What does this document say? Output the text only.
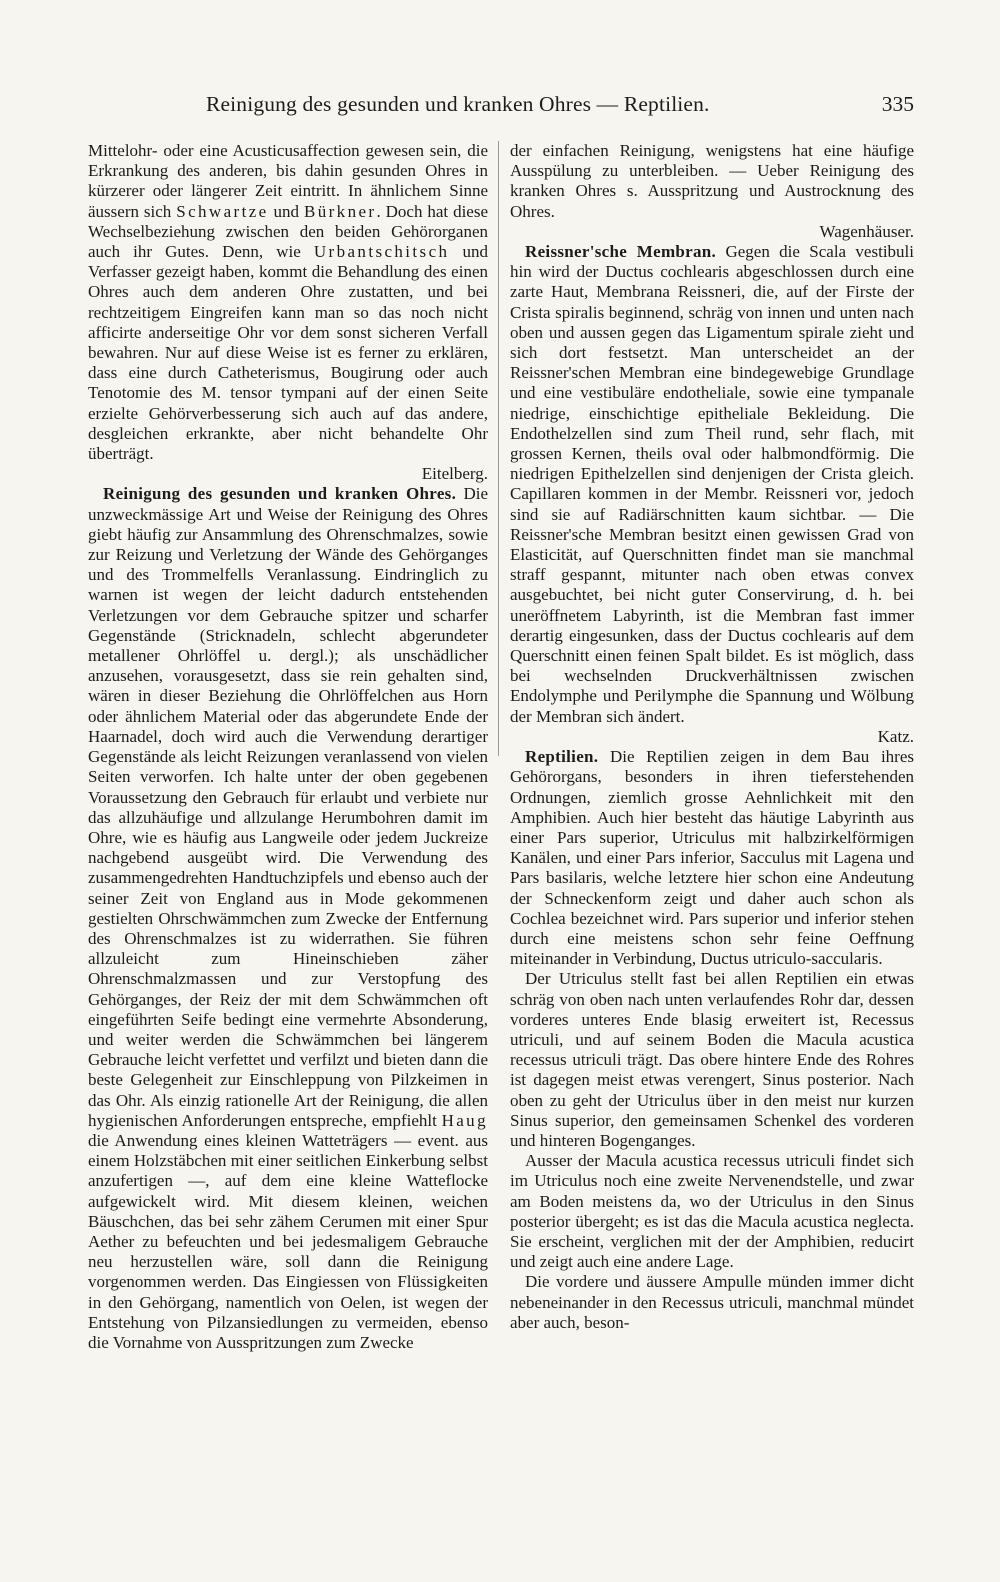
Reinigung des gesunden und kranken Ohres — Reptilien.	335

Mittelohr- oder eine Acusticusaffection gewesen sein, die Erkrankung des anderen, bis dahin gesunden Ohres in kürzerer oder längerer Zeit eintritt. In ähnlichem Sinne äussern sich Schwartze und Bürkner. Doch hat diese Wechselbeziehung zwischen den beiden Gehörorganen auch ihr Gutes. Denn, wie Urbantschitsch und Verfasser gezeigt haben, kommt die Behandlung des einen Ohres auch dem anderen Ohre zustatten, und bei rechtzeitigem Eingreifen kann man so das noch nicht afficirte anderseitige Ohr vor dem sonst sicheren Verfall bewahren. Nur auf diese Weise ist es ferner zu erklären, dass eine durch Catheterismus, Bougirung oder auch Tenotomie des M. tensor tympani auf der einen Seite erzielte Gehörverbesserung sich auch auf das andere, desgleichen erkrankte, aber nicht behandelte Ohr überträgt.

Eitelberg.

Reinigung des gesunden und kranken Ohres. Die unzweckmässige Art und Weise der Reinigung des Ohres giebt häufig zur Ansammlung des Ohrenschmalzes, sowie zur Reizung und Verletzung der Wände des Gehörganges und des Trommelfells Veranlassung. Eindringlich zu warnen ist wegen der leicht dadurch entstehenden Verletzungen vor dem Gebrauche spitzer und scharfer Gegenstände (Stricknadeln, schlecht abgerundeter metallener Ohrlöffel u. dergl.); als unschädlicher anzusehen, vorausgesetzt, dass sie rein gehalten sind, wären in dieser Beziehung die Ohrlöffelchen aus Horn oder ähnlichem Material oder das abgerundete Ende der Haarnadel, doch wird auch die Verwendung derartiger Gegenstände als leicht Reizungen veranlassend von vielen Seiten verworfen. Ich halte unter der oben gegebenen Voraussetzung den Gebrauch für erlaubt und verbiete nur das allzuhäufige und allzulange Herumbohren damit im Ohre, wie es häufig aus Langweile oder jedem Juckreize nachgebend ausgeübt wird. Die Verwendung des zusammengedrehten Handtuchzipfels und ebenso auch der seiner Zeit von England aus in Mode gekommenen gestielten Ohrschwämmchen zum Zwecke der Entfernung des Ohrenschmalzes ist zu widerrathen. Sie führen allzuleicht zum Hineinschieben zäher Ohrenschmalzmassen und zur Verstopfung des Gehörganges, der Reiz der mit dem Schwämmchen oft eingeführten Seife bedingt eine vermehrte Absonderung, und weiter werden die Schwämmchen bei längerem Gebrauche leicht verfettet und verfilzt und bieten dann die beste Gelegenheit zur Einschleppung von Pilzkeimen in das Ohr. Als einzig rationelle Art der Reinigung, die allen hygienischen Anforderungen entspreche, empfiehlt Haug die Anwendung eines kleinen Watteträgers — event. aus einem Holzstäbchen mit einer seitlichen Einkerbung selbst anzufertigen —, auf dem eine kleine Watteflocke aufgewickelt wird. Mit diesem kleinen, weichen Bäuschchen, das bei sehr zähem Cerumen mit einer Spur Aether zu befeuchten und bei jedesmaligem Gebrauche neu herzustellen wäre, soll dann die Reinigung vorgenommen werden. Das Eingiessen von Flüssigkeiten in den Gehörgang, namentlich von Oelen, ist wegen der Entstehung von Pilzansiedlungen zu vermeiden, ebenso die Vornahme von Ausspritzungen zum Zwecke

der einfachen Reinigung, wenigstens hat eine häufige Ausspülung zu unterbleiben. — Ueber Reinigung des kranken Ohres s. Ausspritzung und Austrocknung des Ohres.

Wagenhäuser.

Reissner'sche Membran. Gegen die Scala vestibuli hin wird der Ductus cochlearis abgeschlossen durch eine zarte Haut, Membrana Reissneri, die, auf der Firste der Crista spiralis beginnend, schräg von innen und unten nach oben und aussen gegen das Ligamentum spirale zieht und sich dort festsetzt. Man unterscheidet an der Reissner'schen Membran eine bindegewebige Grundlage und eine vestibuläre endotheliale, sowie eine tympanale niedrige, einschichtige epitheliale Bekleidung. Die Endothelzellen sind zum Theil rund, sehr flach, mit grossen Kernen, theils oval oder halbmondförmig. Die niedrigen Epithelzellen sind denjenigen der Crista gleich. Capillaren kommen in der Membr. Reissneri vor, jedoch sind sie auf Radiärschnitten kaum sichtbar. — Die Reissner'sche Membran besitzt einen gewissen Grad von Elasticität, auf Querschnitten findet man sie manchmal straff gespannt, mitunter nach oben etwas convex ausgebuchtet, bei nicht guter Conservirung, d. h. bei uneröffnetem Labyrinth, ist die Membran fast immer derartig eingesunken, dass der Ductus cochlearis auf dem Querschnitt einen feinen Spalt bildet. Es ist möglich, dass bei wechselnden Druckverhältnissen zwischen Endolymphe und Perilymphe die Spannung und Wölbung der Membran sich ändert.

Katz.

Reptilien. Die Reptilien zeigen in dem Bau ihres Gehörorgans, besonders in ihren tieferstehenden Ordnungen, ziemlich grosse Aehnlichkeit mit den Amphibien. Auch hier besteht das häutige Labyrinth aus einer Pars superior, Utriculus mit halbzirkelförmigen Kanälen, und einer Pars inferior, Sacculus mit Lagena und Pars basilaris, welche letztere hier schon eine Andeutung der Schneckenform zeigt und daher auch schon als Cochlea bezeichnet wird. Pars superior und inferior stehen durch eine meistens schon sehr feine Oeffnung miteinander in Verbindung, Ductus utriculo-saccularis.

Der Utriculus stellt fast bei allen Reptilien ein etwas schräg von oben nach unten verlaufendes Rohr dar, dessen vorderes unteres Ende blasig erweitert ist, Recessus utriculi, und auf seinem Boden die Macula acustica recessus utriculi trägt. Das obere hintere Ende des Rohres ist dagegen meist etwas verengert, Sinus posterior. Nach oben zu geht der Utriculus über in den meist nur kurzen Sinus superior, den gemeinsamen Schenkel des vorderen und hinteren Bogenganges.

Ausser der Macula acustica recessus utriculi findet sich im Utriculus noch eine zweite Nervenendstelle, und zwar am Boden meistens da, wo der Utriculus in den Sinus posterior übergeht; es ist das die Macula acustica neglecta. Sie erscheint, verglichen mit der der Amphibien, reducirt und zeigt auch eine andere Lage.

Die vordere und äussere Ampulle münden immer dicht nebeneinander in den Recessus utriculi, manchmal mündet aber auch, beson-
